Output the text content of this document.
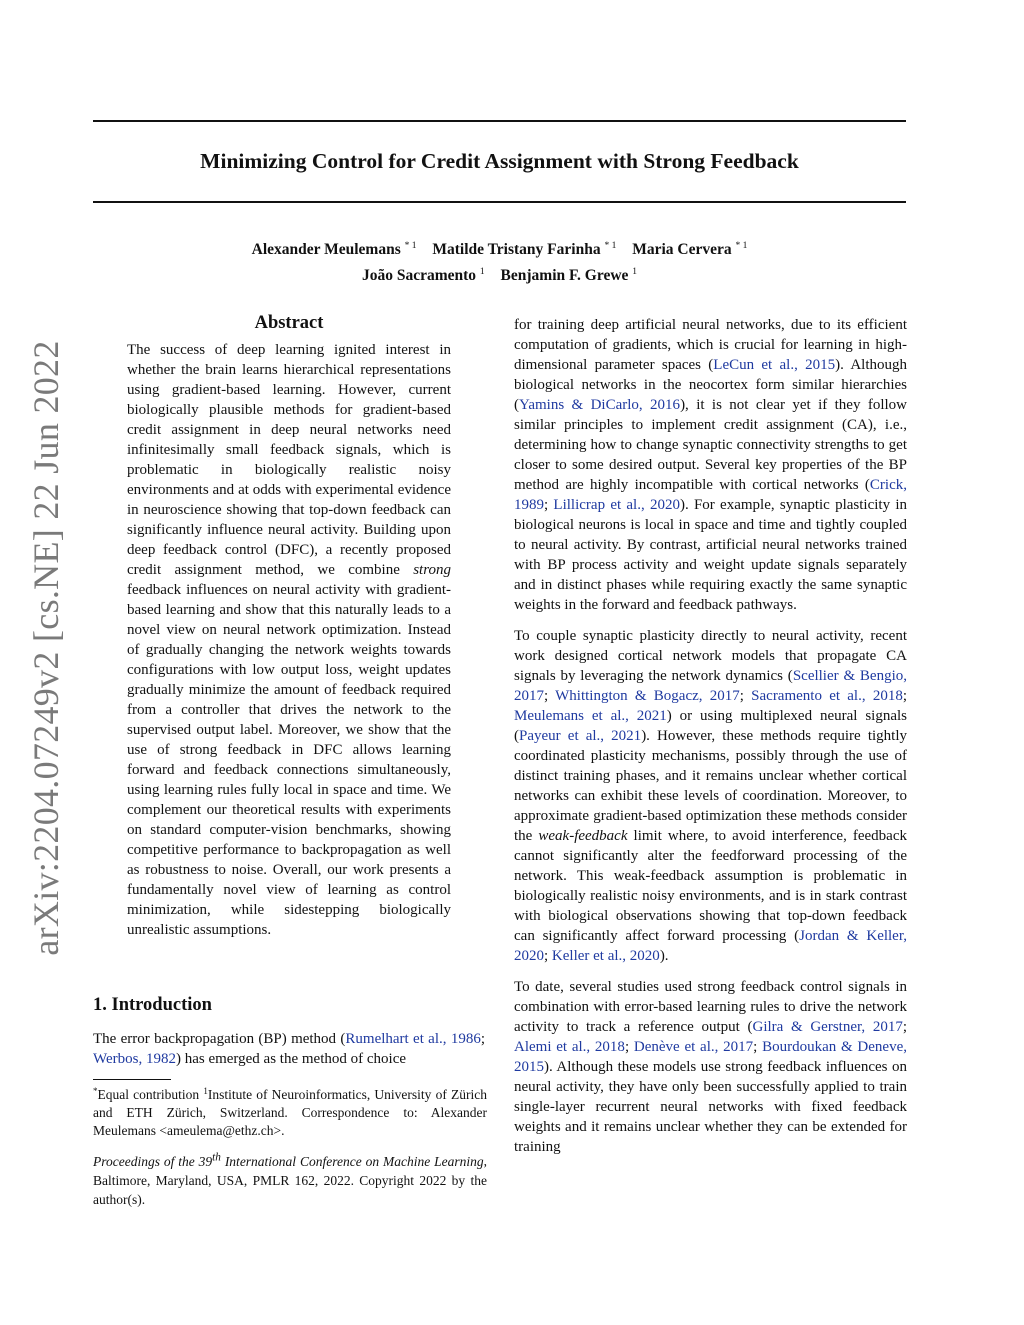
Minimizing Control for Credit Assignment with Strong Feedback
Alexander Meulemans $^{* 1}$ Matilde Tristany Farinha $^{* 1}$ Maria Cervera $^{* 1}$
João Sacramento $^1$ Benjamin F. Grewe $^1$
arXiv:2204.07249v2 [cs.NE] 22 Jun 2022
Abstract

The success of deep learning ignited interest in whether the brain learns hierarchical representations using gradient-based learning. However, current biologically plausible methods for gradient-based credit assignment in deep neural networks need infinitesimally small feedback signals, which is problematic in biologically realistic noisy environments and at odds with experimental evidence in neuroscience showing that top-down feedback can significantly influence neural activity. Building upon deep feedback control (DFC), a recently proposed credit assignment method, we combine strong feedback influences on neural activity with gradient-based learning and show that this naturally leads to a novel view on neural network optimization. Instead of gradually changing the network weights towards configurations with low output loss, weight updates gradually minimize the amount of feedback required from a controller that drives the network to the supervised output label. Moreover, we show that the use of strong feedback in DFC allows learning forward and feedback connections simultaneously, using learning rules fully local in space and time. We complement our theoretical results with experiments on standard computer-vision benchmarks, showing competitive performance to backpropagation as well as robustness to noise. Overall, our work presents a fundamentally novel view of learning as control minimization, while sidestepping biologically unrealistic assumptions.

1. Introduction

The error backpropagation (BP) method (Rumelhart et al., 1986; Werbos, 1982) has emerged as the method of choice

*Equal contribution $^1$Institute of Neuroinformatics, University of Zürich and ETH Zürich, Switzerland. Correspondence to: Alexander Meulemans <ameulema@ethz.ch>.
Proceedings of the 39th International Conference on Machine Learning, Baltimore, Maryland, USA, PMLR 162, 2022. Copyright 2022 by the author(s).

for training deep artificial neural networks, due to its efficient computation of gradients, which is crucial for learning in high-dimensional parameter spaces (LeCun et al., 2015). Although biological networks in the neocortex form similar hierarchies (Yamins & DiCarlo, 2016), it is not clear yet if they follow similar principles to implement credit assignment (CA), i.e., determining how to change synaptic connectivity strengths to get closer to some desired output. Several key properties of the BP method are highly incompatible with cortical networks (Crick, 1989; Lillicrap et al., 2020). For example, synaptic plasticity in biological neurons is local in space and time and tightly coupled to neural activity. By contrast, artificial neural networks trained with BP process activity and weight update signals separately and in distinct phases while requiring exactly the same synaptic weights in the forward and feedback pathways.

To couple synaptic plasticity directly to neural activity, recent work designed cortical network models that propagate CA signals by leveraging the network dynamics (Scellier & Bengio, 2017; Whittington & Bogacz, 2017; Sacramento et al., 2018; Meulemans et al., 2021) or using multiplexed neural signals (Payeur et al., 2021). However, these methods require tightly coordinated plasticity mechanisms, possibly through the use of distinct training phases, and it remains unclear whether cortical networks can exhibit these levels of coordination. Moreover, to approximate gradient-based optimization these methods consider the weak-feedback limit where, to avoid interference, feedback cannot significantly alter the feedforward processing of the network. This weak-feedback assumption is problematic in biologically realistic noisy environments, and is in stark contrast with biological observations showing that top-down feedback can significantly affect forward processing (Jordan & Keller, 2020; Keller et al., 2020).

To date, several studies used strong feedback control signals in combination with error-based learning rules to drive the network activity to track a reference output (Gilra & Gerstner, 2017; Alemi et al., 2018; Denève et al., 2017; Bourdoukan & Deneve, 2015). Although these models use strong feedback influences on neural activity, they have only been successfully applied to train single-layer recurrent neural networks with fixed feedback weights and it remains unclear whether they can be extended for training
